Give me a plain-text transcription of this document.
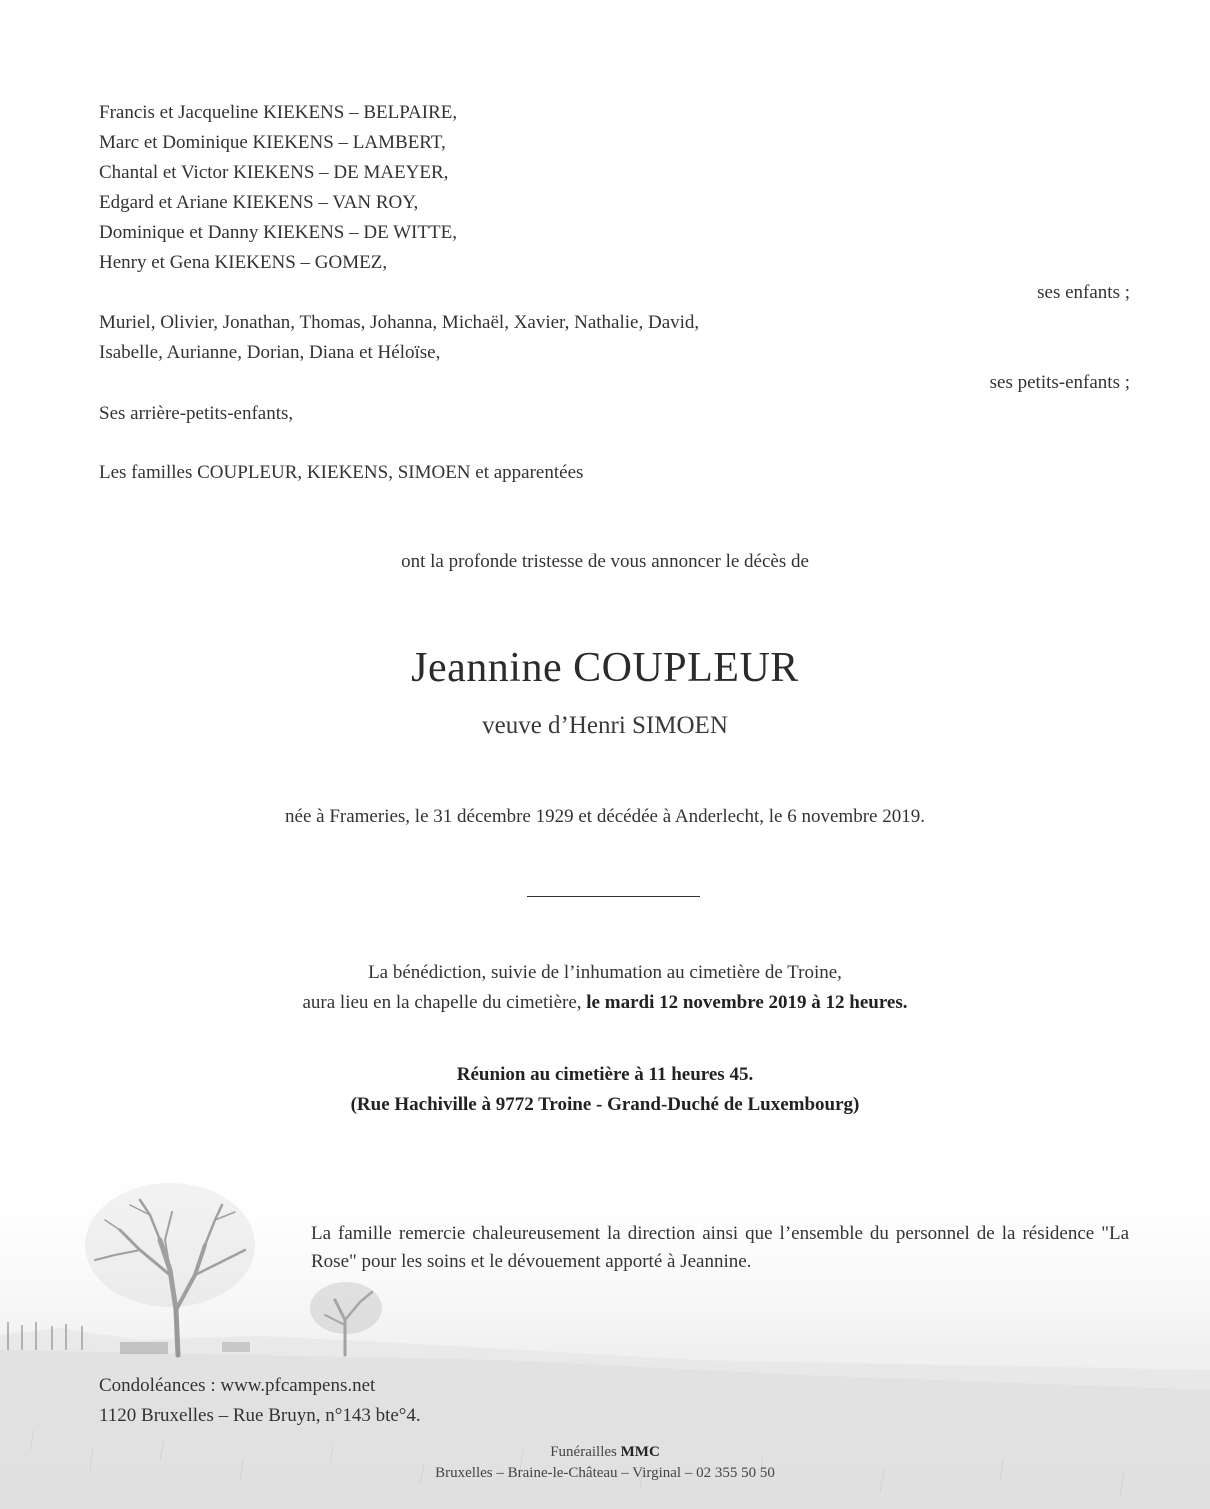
Francis et Jacqueline KIEKENS – BELPAIRE,
Marc et Dominique KIEKENS – LAMBERT,
Chantal et Victor KIEKENS – DE MAEYER,
Edgard et Ariane KIEKENS – VAN ROY,
Dominique et Danny KIEKENS – DE WITTE,
Henry et Gena KIEKENS – GOMEZ,
ses enfants ;
Muriel, Olivier, Jonathan, Thomas, Johanna, Michaël, Xavier, Nathalie, David,
Isabelle, Aurianne, Dorian, Diana et Héloïse,
ses petits-enfants ;
Ses arrière-petits-enfants,
Les familles COUPLEUR, KIEKENS, SIMOEN et apparentées
ont la profonde tristesse de vous annoncer le décès de
Jeannine COUPLEUR
veuve d’Henri SIMOEN
née à Frameries, le 31 décembre 1929 et décédée à Anderlecht, le 6 novembre 2019.
La bénédiction, suivie de l’inhumation au cimetière de Troine,
aura lieu en la chapelle du cimetière, le mardi 12 novembre 2019 à 12 heures.
Réunion au cimetière à 11 heures 45.
(Rue Hachiville à 9772 Troine - Grand-Duché de Luxembourg)
La famille remercie chaleureusement la direction ainsi que l’ensemble du personnel de la résidence "La Rose" pour les soins et le dévouement apporté à Jeannine.
Condoléances : www.pfcampens.net
1120 Bruxelles – Rue Bruyn, n°143 bte°4.
Funérailles MMC
Bruxelles – Braine-le-Château – Virginal – 02 355 50 50
